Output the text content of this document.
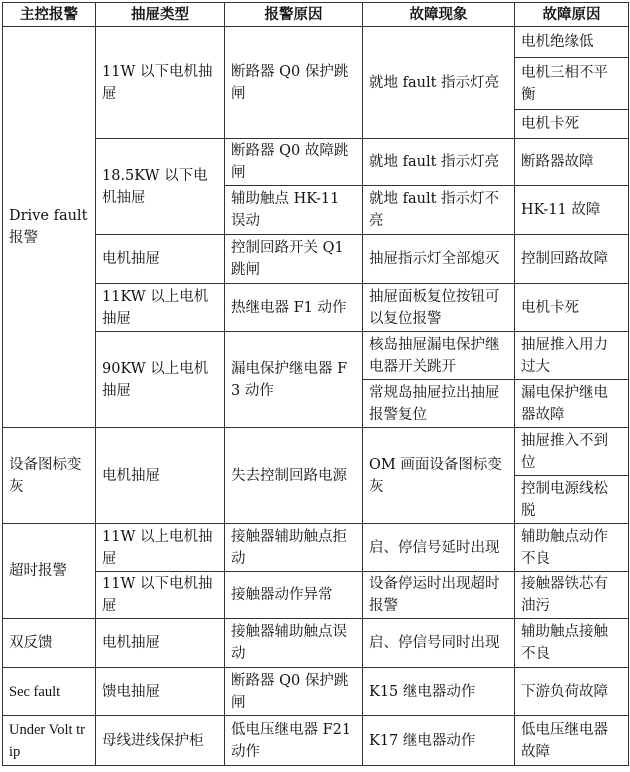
主控报警	抽屉类型	报警原因	故障现象	故障原因
Drive fault 报警	11W 以下电机抽屉	断路器 Q0 保护跳闸	就地 fault 指示灯亮	电机绝缘低
				电机三相不平衡
				电机卡死
	18.5KW 以下电机抽屉	断路器 Q0 故障跳闸	就地 fault 指示灯亮	断路器故障
		辅助触点 HK-11 误动	就地 fault 指示灯不亮	HK-11 故障
	电机抽屉	控制回路开关 Q1 跳闸	抽屉指示灯全部熄灭	控制回路故障
	11KW 以上电机抽屉	热继电器 F1 动作	抽屉面板复位按钮可以复位报警	电机卡死
	90KW 以上电机抽屉	漏电保护继电器 F3 动作	核岛抽屉漏电保护继电器开关跳开	抽屉推入用力过大
			常规岛抽屉拉出抽屉报警复位	漏电保护继电器故障
设备图标变灰	电机抽屉	失去控制回路电源	OM 画面设备图标变灰	抽屉推入不到位
				控制电源线松脱
超时报警	11W 以上电机抽屉	接触器辅助触点拒动	启、停信号延时出现	辅助触点动作不良
	11W 以下电机抽屉	接触器动作异常	设备停运时出现超时报警	接触器铁芯有油污
双反馈	电机抽屉	接触器辅助触点误动	启、停信号同时出现	辅助触点接触不良
Sec fault	馈电抽屉	断路器 Q0 保护跳闸	K15 继电器动作	下游负荷故障
Under Volt trip	母线进线保护柜	低电压继电器 F21 动作	K17 继电器动作	低电压继电器故障
